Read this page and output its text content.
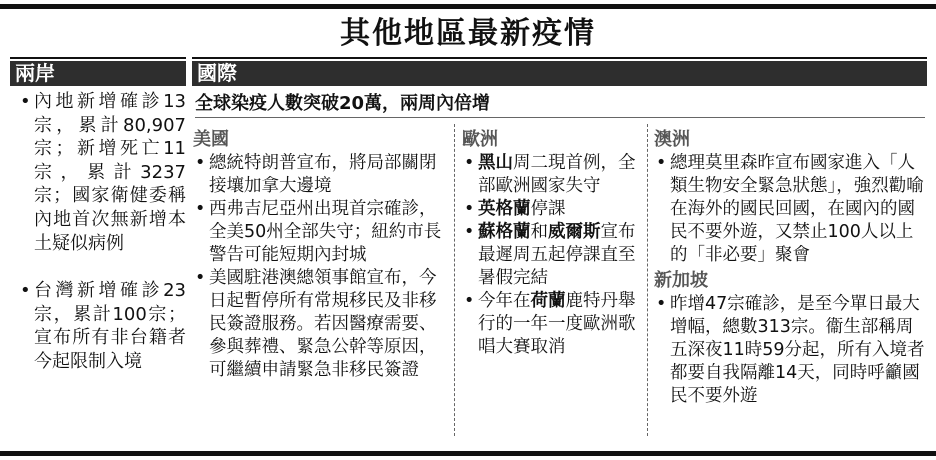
其他地區最新疫情
兩岸	國際
• 內地新增確診13宗，累計80,907宗；新增死亡11宗，累計3237宗；國家衛健委稱內地首次無新增本土疑似病例
• 台灣新增確診23宗，累計100宗；宣布所有非台籍者今起限制入境
全球染疫人數突破20萬，兩周內倍增
美國
• 總統特朗普宣布，將局部關閉接壤加拿大邊境
• 西弗吉尼亞州出現首宗確診，全美50州全部失守；紐約市長警告可能短期內封城
• 美國駐港澳總領事館宣布，今日起暫停所有常規移民及非移民簽證服務。若因醫療需要、參與葬禮、緊急公幹等原因，可繼續申請緊急非移民簽證
歐洲
• 黑山周二現首例，全部歐洲國家失守
• 英格蘭停課
• 蘇格蘭和威爾斯宣布最遲周五起停課直至暑假完結
• 今年在荷蘭鹿特丹舉行的一年一度歐洲歌唱大賽取消
澳洲
• 總理莫里森昨宣布國家進入「人類生物安全緊急狀態」，強烈勸喻在海外的國民回國，在國內的國民不要外遊，又禁止100人以上的「非必要」聚會
新加坡
• 昨增47宗確診，是至今單日最大增幅，總數313宗。衞生部稱周五深夜11時59分起，所有入境者都要自我隔離14天，同時呼籲國民不要外遊
